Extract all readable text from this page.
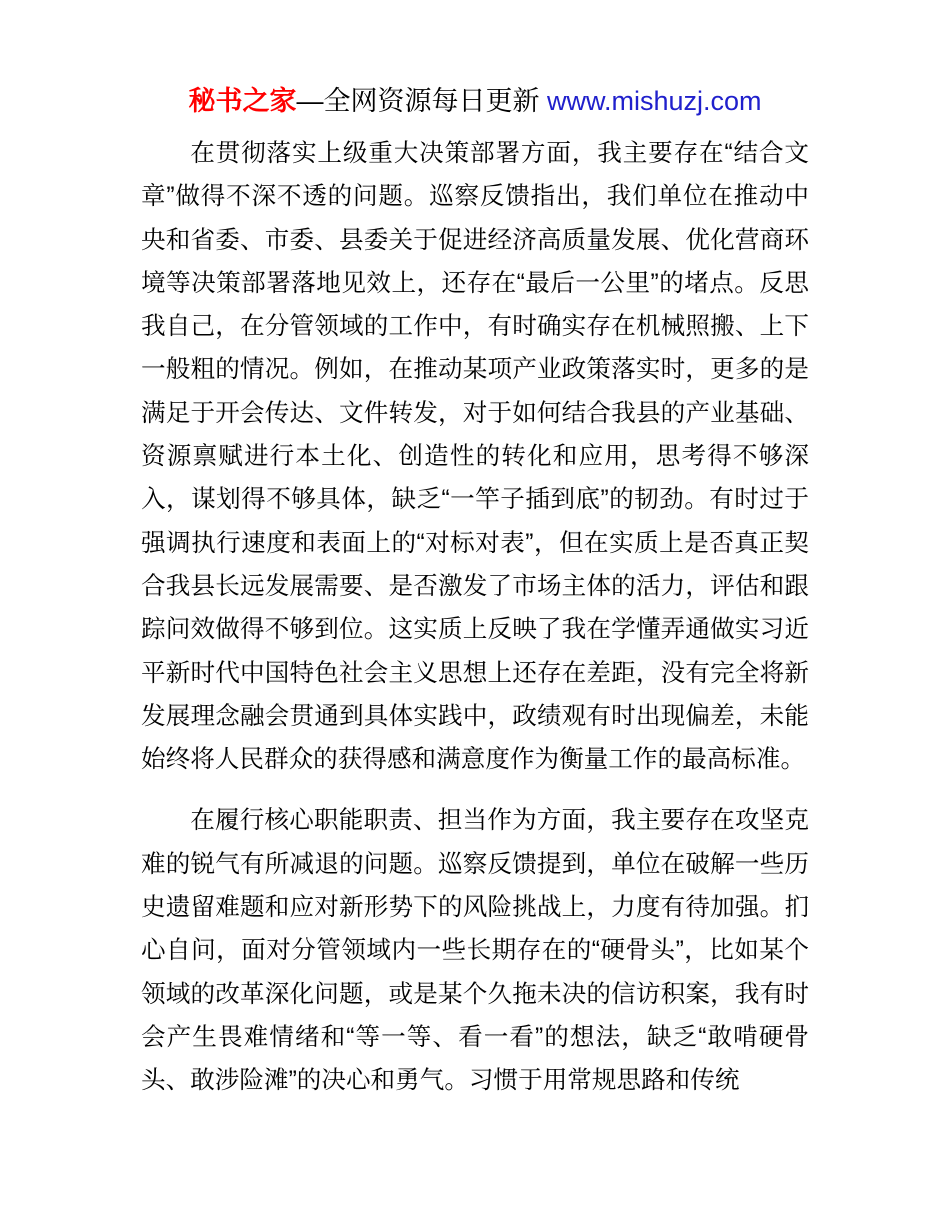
秘书之家—全网资源每日更新 www.mishuzj.com

在贯彻落实上级重大决策部署方面，我主要存在“结合文章”做得不深不透的问题。巡察反馈指出，我们单位在推动中央和省委、市委、县委关于促进经济高质量发展、优化营商环境等决策部署落地见效上，还存在“最后一公里”的堵点。反思我自己，在分管领域的工作中，有时确实存在机械照搬、上下一般粗的情况。例如，在推动某项产业政策落实时，更多的是满足于开会传达、文件转发，对于如何结合我县的产业基础、资源禀赋进行本土化、创造性的转化和应用，思考得不够深入，谋划得不够具体，缺乏“一竿子插到底”的韧劲。有时过于强调执行速度和表面上的“对标对表”，但在实质上是否真正契合我县长远发展需要、是否激发了市场主体的活力，评估和跟踪问效做得不够到位。这实质上反映了我在学懂弄通做实习近平新时代中国特色社会主义思想上还存在差距，没有完全将新发展理念融会贯通到具体实践中，政绩观有时出现偏差，未能始终将人民群众的获得感和满意度作为衡量工作的最高标准。

在履行核心职能职责、担当作为方面，我主要存在攻坚克难的锐气有所减退的问题。巡察反馈提到，单位在破解一些历史遗留难题和应对新形势下的风险挑战上，力度有待加强。扪心自问，面对分管领域内一些长期存在的“硬骨头”，比如某个领域的改革深化问题，或是某个久拖未决的信访积案，我有时会产生畏难情绪和“等一等、看一看”的想法，缺乏“敢啃硬骨头、敢涉险滩”的决心和勇气。习惯于用常规思路和传统
